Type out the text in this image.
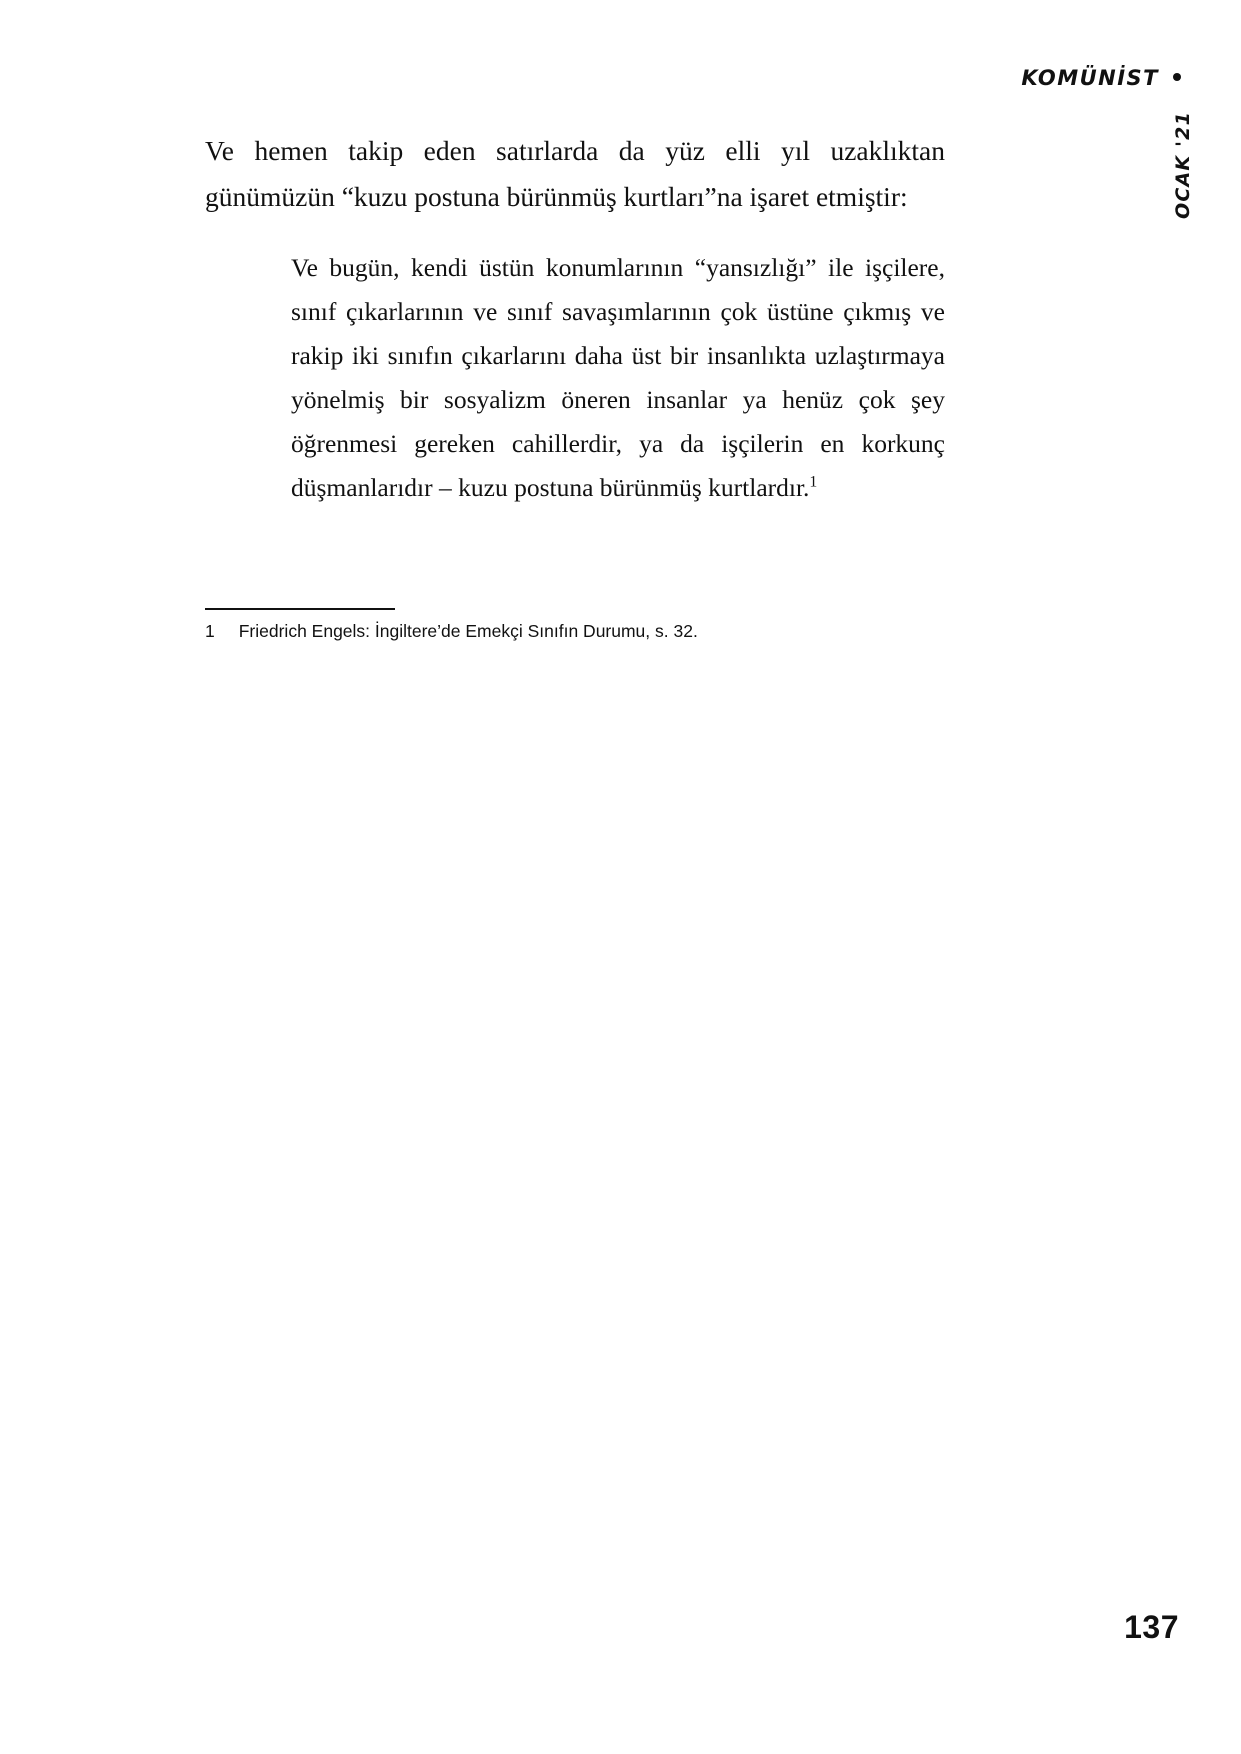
KOMÜNİST
OCAK '21

Ve hemen takip eden satırlarda da yüz elli yıl uzaklıktan günümüzün “kuzu postuna bürünmüş kurtları”na işaret etmiştir:

Ve bugün, kendi üstün konumlarının “yansızlığı” ile işçilere, sınıf çıkarlarının ve sınıf savaşımlarının çok üstüne çıkmış ve rakip iki sınıfın çıkarlarını daha üst bir insanlıkta uzlaştırmaya yönelmiş bir sosyalizm öneren insanlar ya henüz çok şey öğrenmesi gereken cahillerdir, ya da işçilerin en korkunç düşmanlarıdır – kuzu postuna bürünmüş kurtlardır.$^1$

1 Friedrich Engels: İngiltere’de Emekçi Sınıfın Durumu, s. 32.
137
